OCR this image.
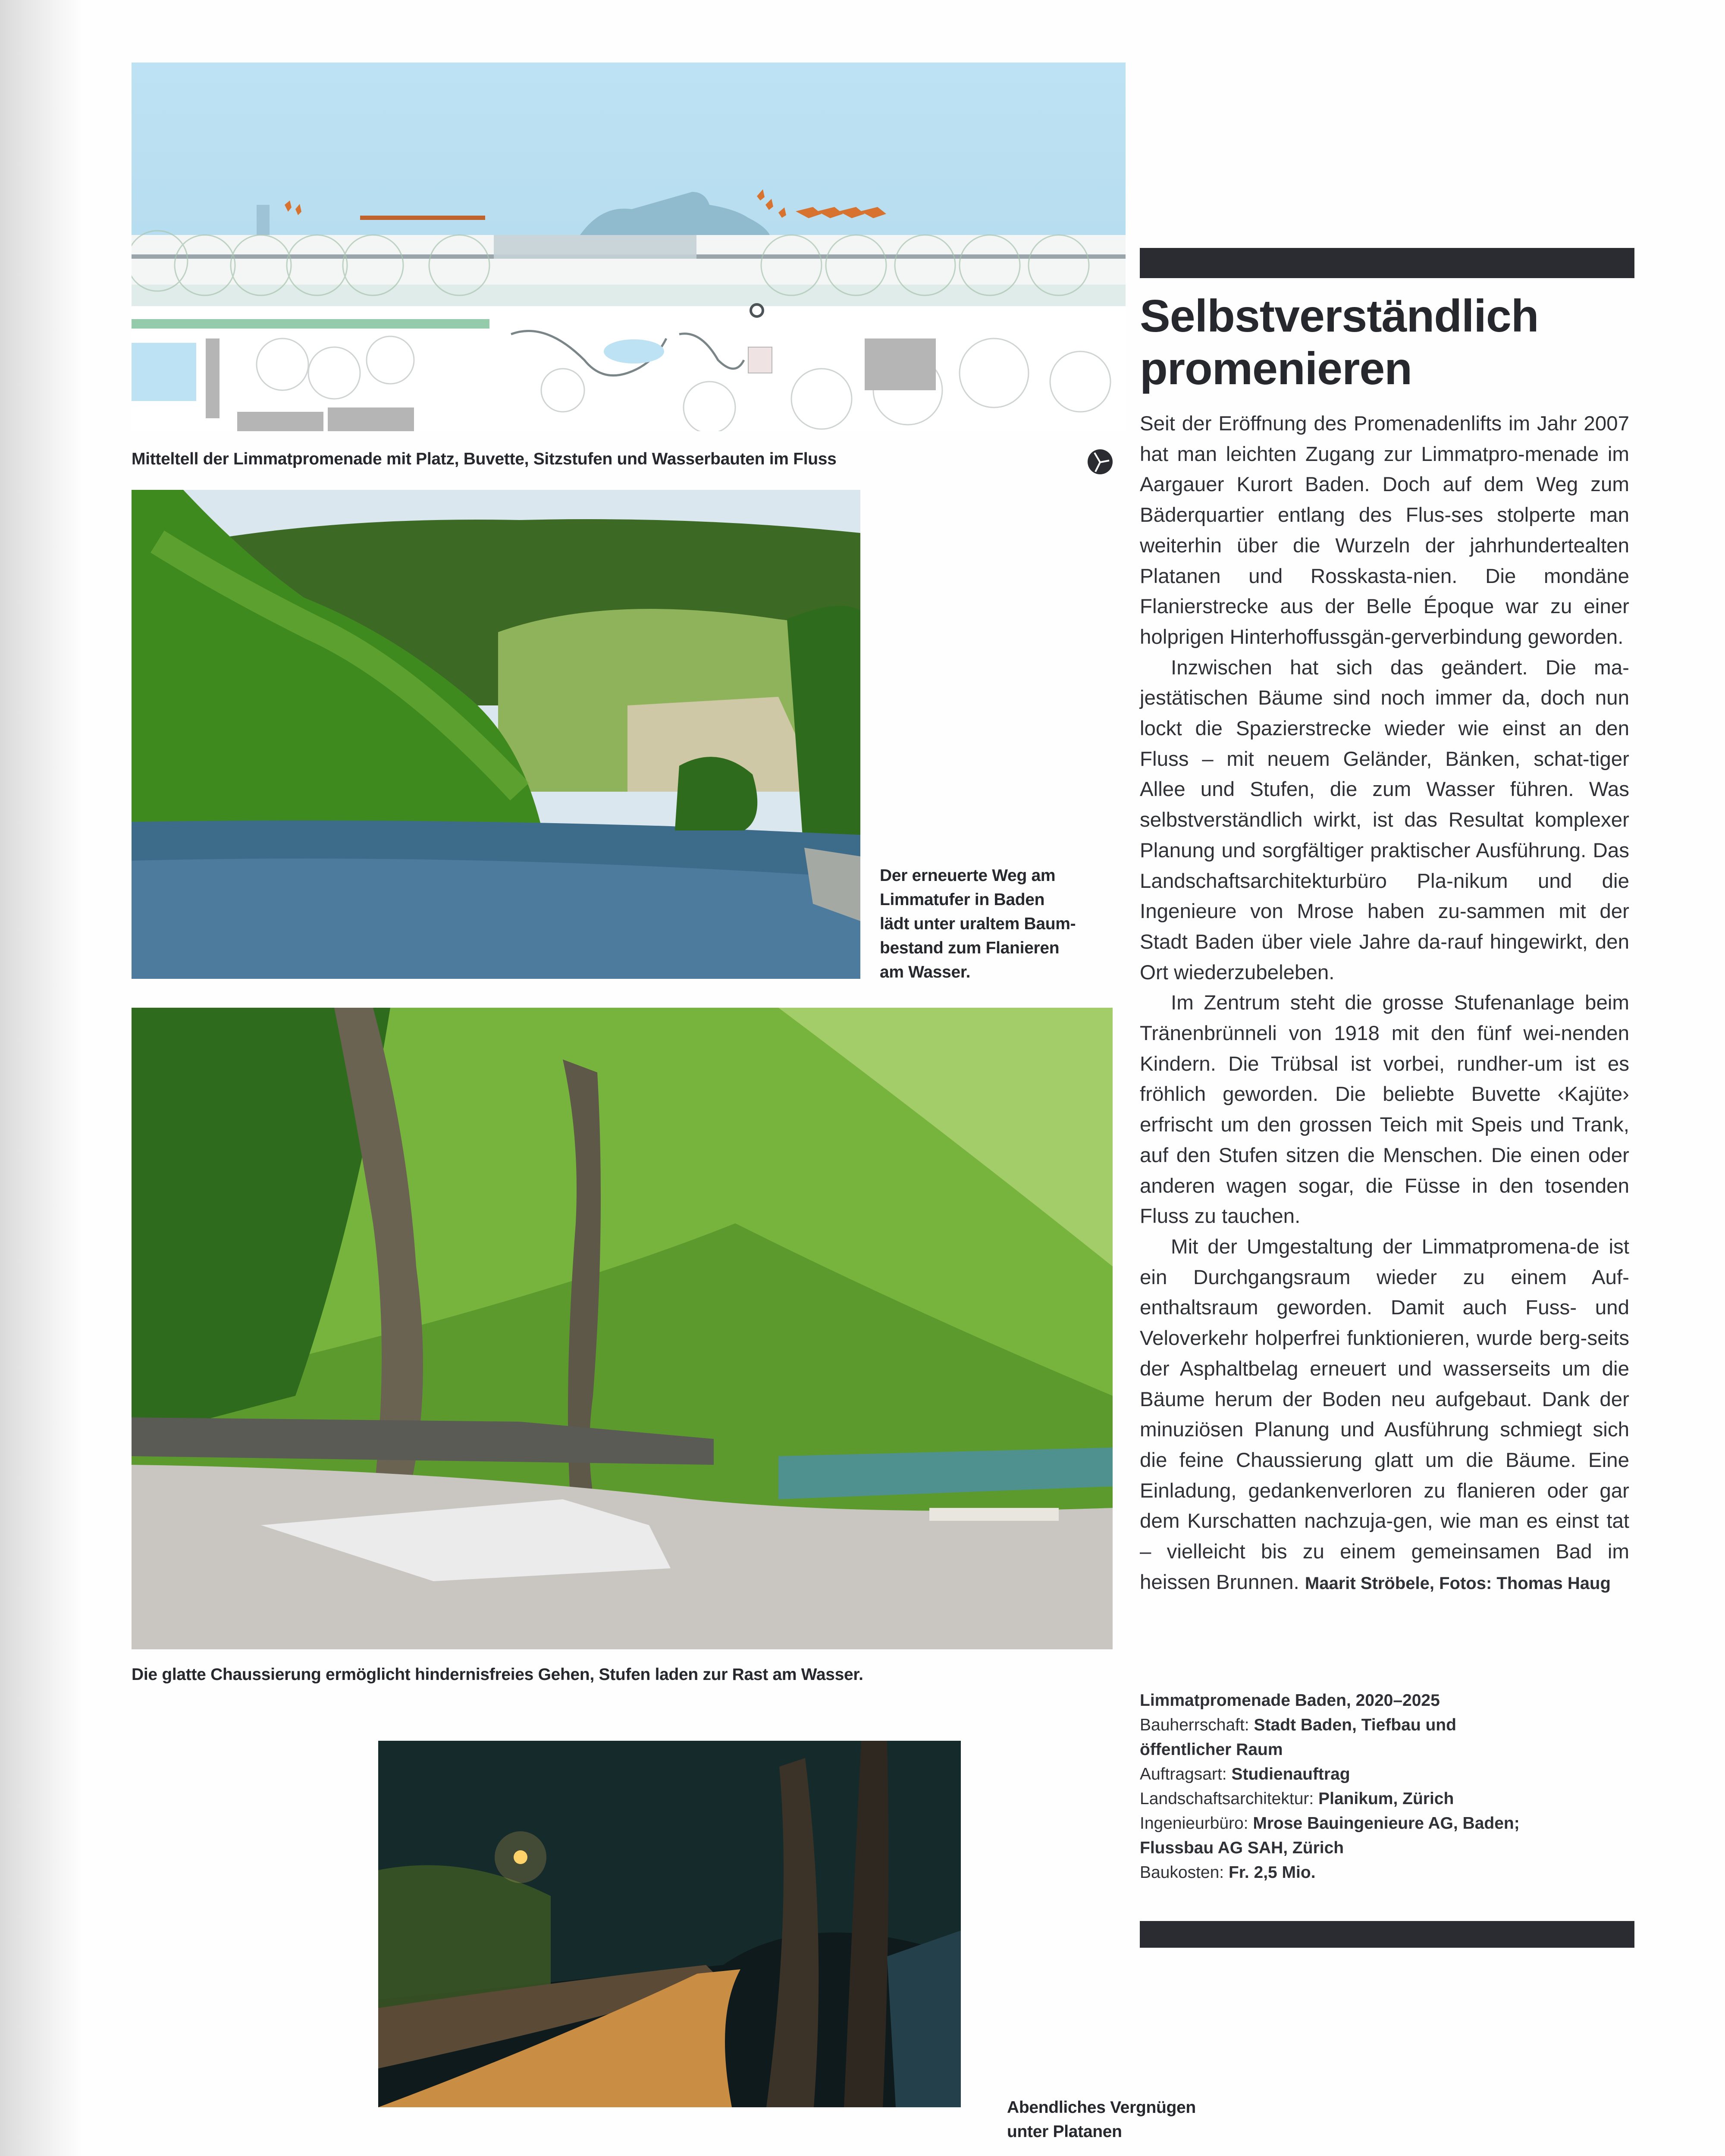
Mitteltell der Limmatpromenade mit Platz, Buvette, Sitzstufen und Wasserbauten im Fluss
Der erneuerte Weg am
Limmatufer in Baden
lädt unter uraltem Baum-
bestand zum Flanieren
am Wasser.
Die glatte Chaussierung ermöglicht hindernisfreies Gehen, Stufen laden zur Rast am Wasser.
Abendliches Vergnügen
unter Platanen
Selbstverständlich
promenieren

Seit der Eröffnung des Promenadenlifts im Jahr 2007 hat man leichten Zugang zur Limmatpro-menade im Aargauer Kurort Baden. Doch auf dem Weg zum Bäderquartier entlang des Flus-ses stolperte man weiterhin über die Wurzeln der jahrhundertealten Platanen und Rosskasta-nien. Die mondäne Flanierstrecke aus der Belle Époque war zu einer holprigen Hinterhoffussgän-gerverbindung geworden.

Inzwischen hat sich das geändert. Die ma-jestätischen Bäume sind noch immer da, doch nun lockt die Spazierstrecke wieder wie einst an den Fluss – mit neuem Geländer, Bänken, schat-tiger Allee und Stufen, die zum Wasser führen. Was selbstverständlich wirkt, ist das Resultat komplexer Planung und sorgfältiger praktischer Ausführung. Das Landschaftsarchitekturbüro Pla-nikum und die Ingenieure von Mrose haben zu-sammen mit der Stadt Baden über viele Jahre da-rauf hingewirkt, den Ort wiederzubeleben.

Im Zentrum steht die grosse Stufenanlage beim Tränenbrünneli von 1918 mit den fünf wei-nenden Kindern. Die Trübsal ist vorbei, rundher-um ist es fröhlich geworden. Die beliebte Buvette ‹Kajüte› erfrischt um den grossen Teich mit Speis und Trank, auf den Stufen sitzen die Menschen. Die einen oder anderen wagen sogar, die Füsse in den tosenden Fluss zu tauchen.

Mit der Umgestaltung der Limmatpromena-de ist ein Durchgangsraum wieder zu einem Auf-enthaltsraum geworden. Damit auch Fuss- und Veloverkehr holperfrei funktionieren, wurde berg-seits der Asphaltbelag erneuert und wasserseits um die Bäume herum der Boden neu aufgebaut. Dank der minuziösen Planung und Ausführung schmiegt sich die feine Chaussierung glatt um die Bäume. Eine Einladung, gedankenverloren zu flanieren oder gar dem Kurschatten nachzuja-gen, wie man es einst tat – vielleicht bis zu einem gemeinsamen Bad im heissen Brunnen. Maarit Ströbele, Fotos: Thomas Haug

Limmatpromenade Baden, 2020–2025
Bauherrschaft: Stadt Baden, Tiefbau und öffentlicher Raum
Auftragsart: Studienauftrag
Landschaftsarchitektur: Planikum, Zürich
Ingenieurbüro: Mrose Bauingenieure AG, Baden; Flussbau AG SAH, Zürich
Baukosten: Fr. 2,5 Mio.
